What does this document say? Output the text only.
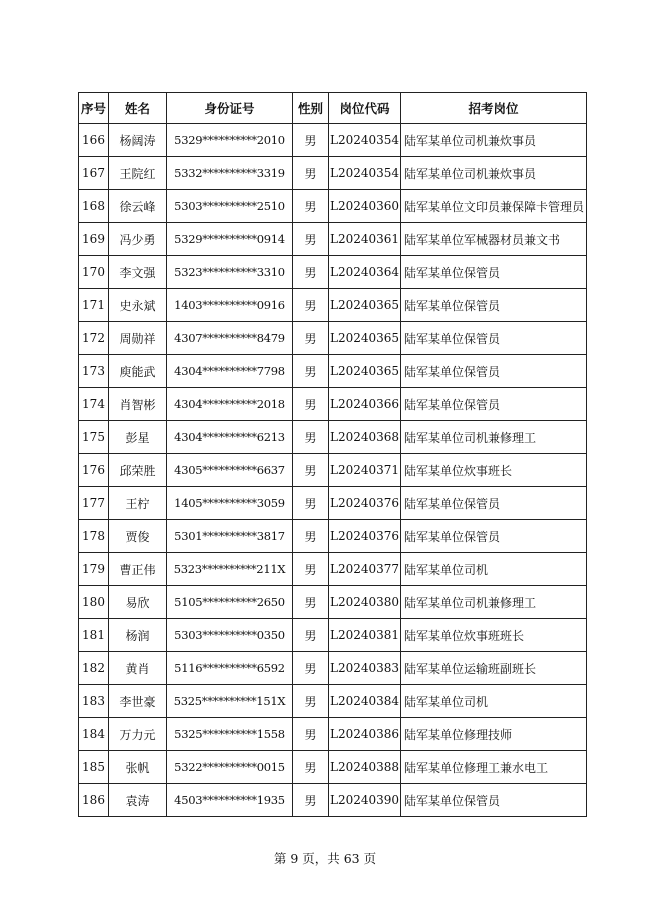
序号	姓名	身份证号	性别	岗位代码	招考岗位
166	杨阔涛	5329**********2010	男	L20240354	陆军某单位司机兼炊事员
167	王院红	5332**********3319	男	L20240354	陆军某单位司机兼炊事员
168	徐云峰	5303**********2510	男	L20240360	陆军某单位文印员兼保障卡管理员
169	冯少勇	5329**********0914	男	L20240361	陆军某单位军械器材员兼文书
170	李文强	5323**********3310	男	L20240364	陆军某单位保管员
171	史永斌	1403**********0916	男	L20240365	陆军某单位保管员
172	周勋祥	4307**********8479	男	L20240365	陆军某单位保管员
173	庾能武	4304**********7798	男	L20240365	陆军某单位保管员
174	肖智彬	4304**********2018	男	L20240366	陆军某单位保管员
175	彭星	4304**********6213	男	L20240368	陆军某单位司机兼修理工
176	邱荣胜	4305**********6637	男	L20240371	陆军某单位炊事班长
177	王柠	1405**********3059	男	L20240376	陆军某单位保管员
178	贾俊	5301**********3817	男	L20240376	陆军某单位保管员
179	曹正伟	5323**********211X	男	L20240377	陆军某单位司机
180	易欣	5105**********2650	男	L20240380	陆军某单位司机兼修理工
181	杨润	5303**********0350	男	L20240381	陆军某单位炊事班班长
182	黄肖	5116**********6592	男	L20240383	陆军某单位运输班副班长
183	李世豪	5325**********151X	男	L20240384	陆军某单位司机
184	万力元	5325**********1558	男	L20240386	陆军某单位修理技师
185	张帆	5322**********0015	男	L20240388	陆军某单位修理工兼水电工
186	袁涛	4503**********1935	男	L20240390	陆军某单位保管员
第 9 页，共 63 页
